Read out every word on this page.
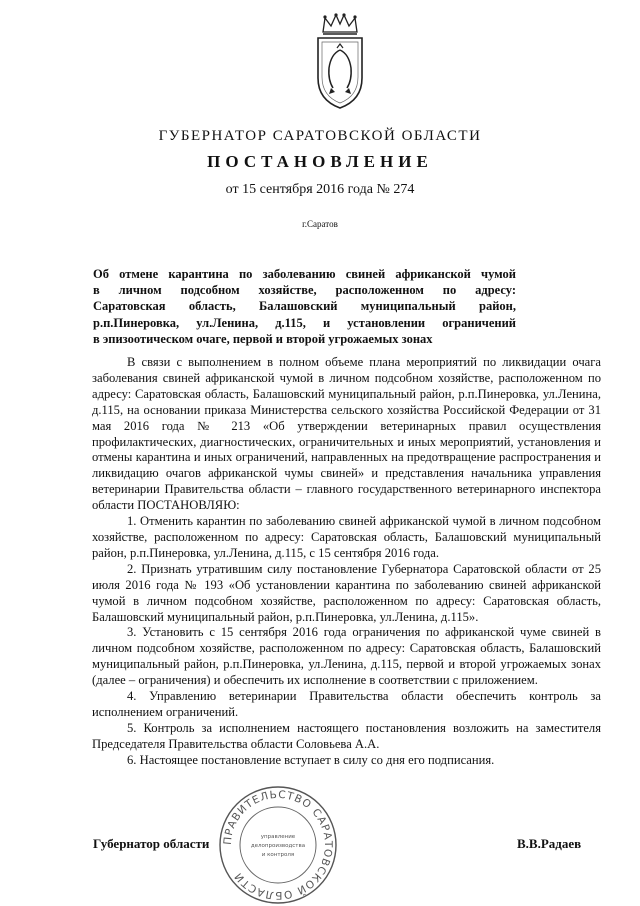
ГУБЕРНАТОР САРАТОВСКОЙ ОБЛАСТИ
ПОСТАНОВЛЕНИЕ
от 15 сентября 2016 года № 274
г.Саратов
Об отмене карантина по заболеванию свиней африканской чумой
в личном подсобном хозяйстве, расположенном по адресу:
Саратовская область, Балашовский муниципальный район,
р.п.Пинеровка, ул.Ленина, д.115, и установлении ограничений
в эпизоотическом очаге, первой и второй угрожаемых зонах

В связи с выполнением в полном объеме плана мероприятий по ликвидации очага заболевания свиней африканской чумой в личном подсобном хозяйстве, расположенном по адресу: Саратовская область, Балашовский муниципальный район, р.п.Пинеровка, ул.Ленина, д.115, на основании приказа Министерства сельского хозяйства Российской Федерации от 31 мая 2016 года № 213 «Об утверждении ветеринарных правил осуществления профилактических, диагностических, ограничительных и иных мероприятий, установления и отмены карантина и иных ограничений, направленных на предотвращение распространения и ликвидацию очагов африканской чумы свиней» и представления начальника управления ветеринарии Правительства области – главного государственного ветеринарного инспектора области ПОСТАНОВЛЯЮ:

1. Отменить карантин по заболеванию свиней африканской чумой в личном подсобном хозяйстве, расположенном по адресу: Саратовская область, Балашовский муниципальный район, р.п.Пинеровка, ул.Ленина, д.115, с 15 сентября 2016 года.

2. Признать утратившим силу постановление Губернатора Саратовской области от 25 июля 2016 года № 193 «Об установлении карантина по заболеванию свиней африканской чумой в личном подсобном хозяйстве, расположенном по адресу: Саратовская область, Балашовский муниципальный район, р.п.Пинеровка, ул.Ленина, д.115».

3. Установить с 15 сентября 2016 года ограничения по африканской чуме свиней в личном подсобном хозяйстве, расположенном по адресу: Саратовская область, Балашовский муниципальный район, р.п.Пинеровка, ул.Ленина, д.115, первой и второй угрожаемых зонах (далее – ограничения) и обеспечить их исполнение в соответствии с приложением.

4. Управлению ветеринарии Правительства области обеспечить контроль за исполнением ограничений.

5. Контроль за исполнением настоящего постановления возложить на заместителя Председателя Правительства области Соловьева А.А.

6. Настоящее постановление вступает в силу со дня его подписания.

Губернатор области ПРАВИТЕЛЬСТВО САРАТОВСКОЙ ОБЛАСТИ
управление
делопроизводства
и контроля
В.В.Радаев
